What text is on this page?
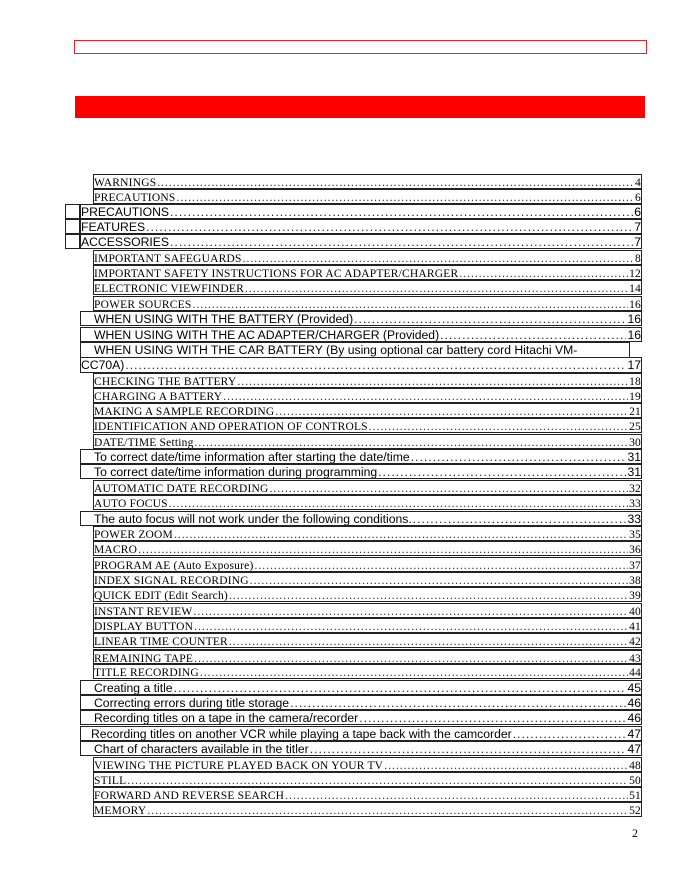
WARNINGS .....	4
PRECAUTIONS .....	6
PRECAUTIONS .....	6
FEATURES .....	7
ACCESSORIES .....	7
IMPORTANT SAFEGUARDS .....	8
IMPORTANT SAFETY INSTRUCTIONS FOR AC ADAPTER/CHARGER .....	12
ELECTRONIC VIEWFINDER .....	14
POWER SOURCES .....	16
WHEN USING WITH THE BATTERY (Provided) .....	16
WHEN USING WITH THE AC ADAPTER/CHARGER (Provided) .....	16
WHEN USING WITH THE CAR BATTERY (By using optional car battery cord Hitachi VM-
CC70A) .....	17
CHECKING THE BATTERY .....	18
CHARGING A BATTERY .....	19
MAKING A SAMPLE RECORDING .....	21
IDENTIFICATION AND OPERATION OF CONTROLS .....	25
DATE/TIME Setting .....	30
To correct date/time information after starting the date/time .....	31
To correct date/time information during programming .....	31
AUTOMATIC DATE RECORDING .....	32
AUTO FOCUS .....	33
The auto focus will not work under the following conditions. .....	33
POWER ZOOM .....	35
MACRO .....	36
PROGRAM AE (Auto Exposure) .....	37
INDEX SIGNAL RECORDING .....	38
QUICK EDIT (Edit Search) .....	39
INSTANT REVIEW .....	40
DISPLAY BUTTON .....	41
LINEAR TIME COUNTER .....	42
REMAINING TAPE .....	43
TITLE RECORDING .....	44
Creating a title .....	45
Correcting errors during title storage .....	46
Recording titles on a tape in the camera/recorder .....	46
Recording titles on another VCR while playing a tape back with the camcorder .....	47
Chart of characters available in the titler .....	47
VIEWING THE PICTURE PLAYED BACK ON YOUR TV .....	48
STILL .....	50
FORWARD AND REVERSE SEARCH .....	51
MEMORY .....	52
2
